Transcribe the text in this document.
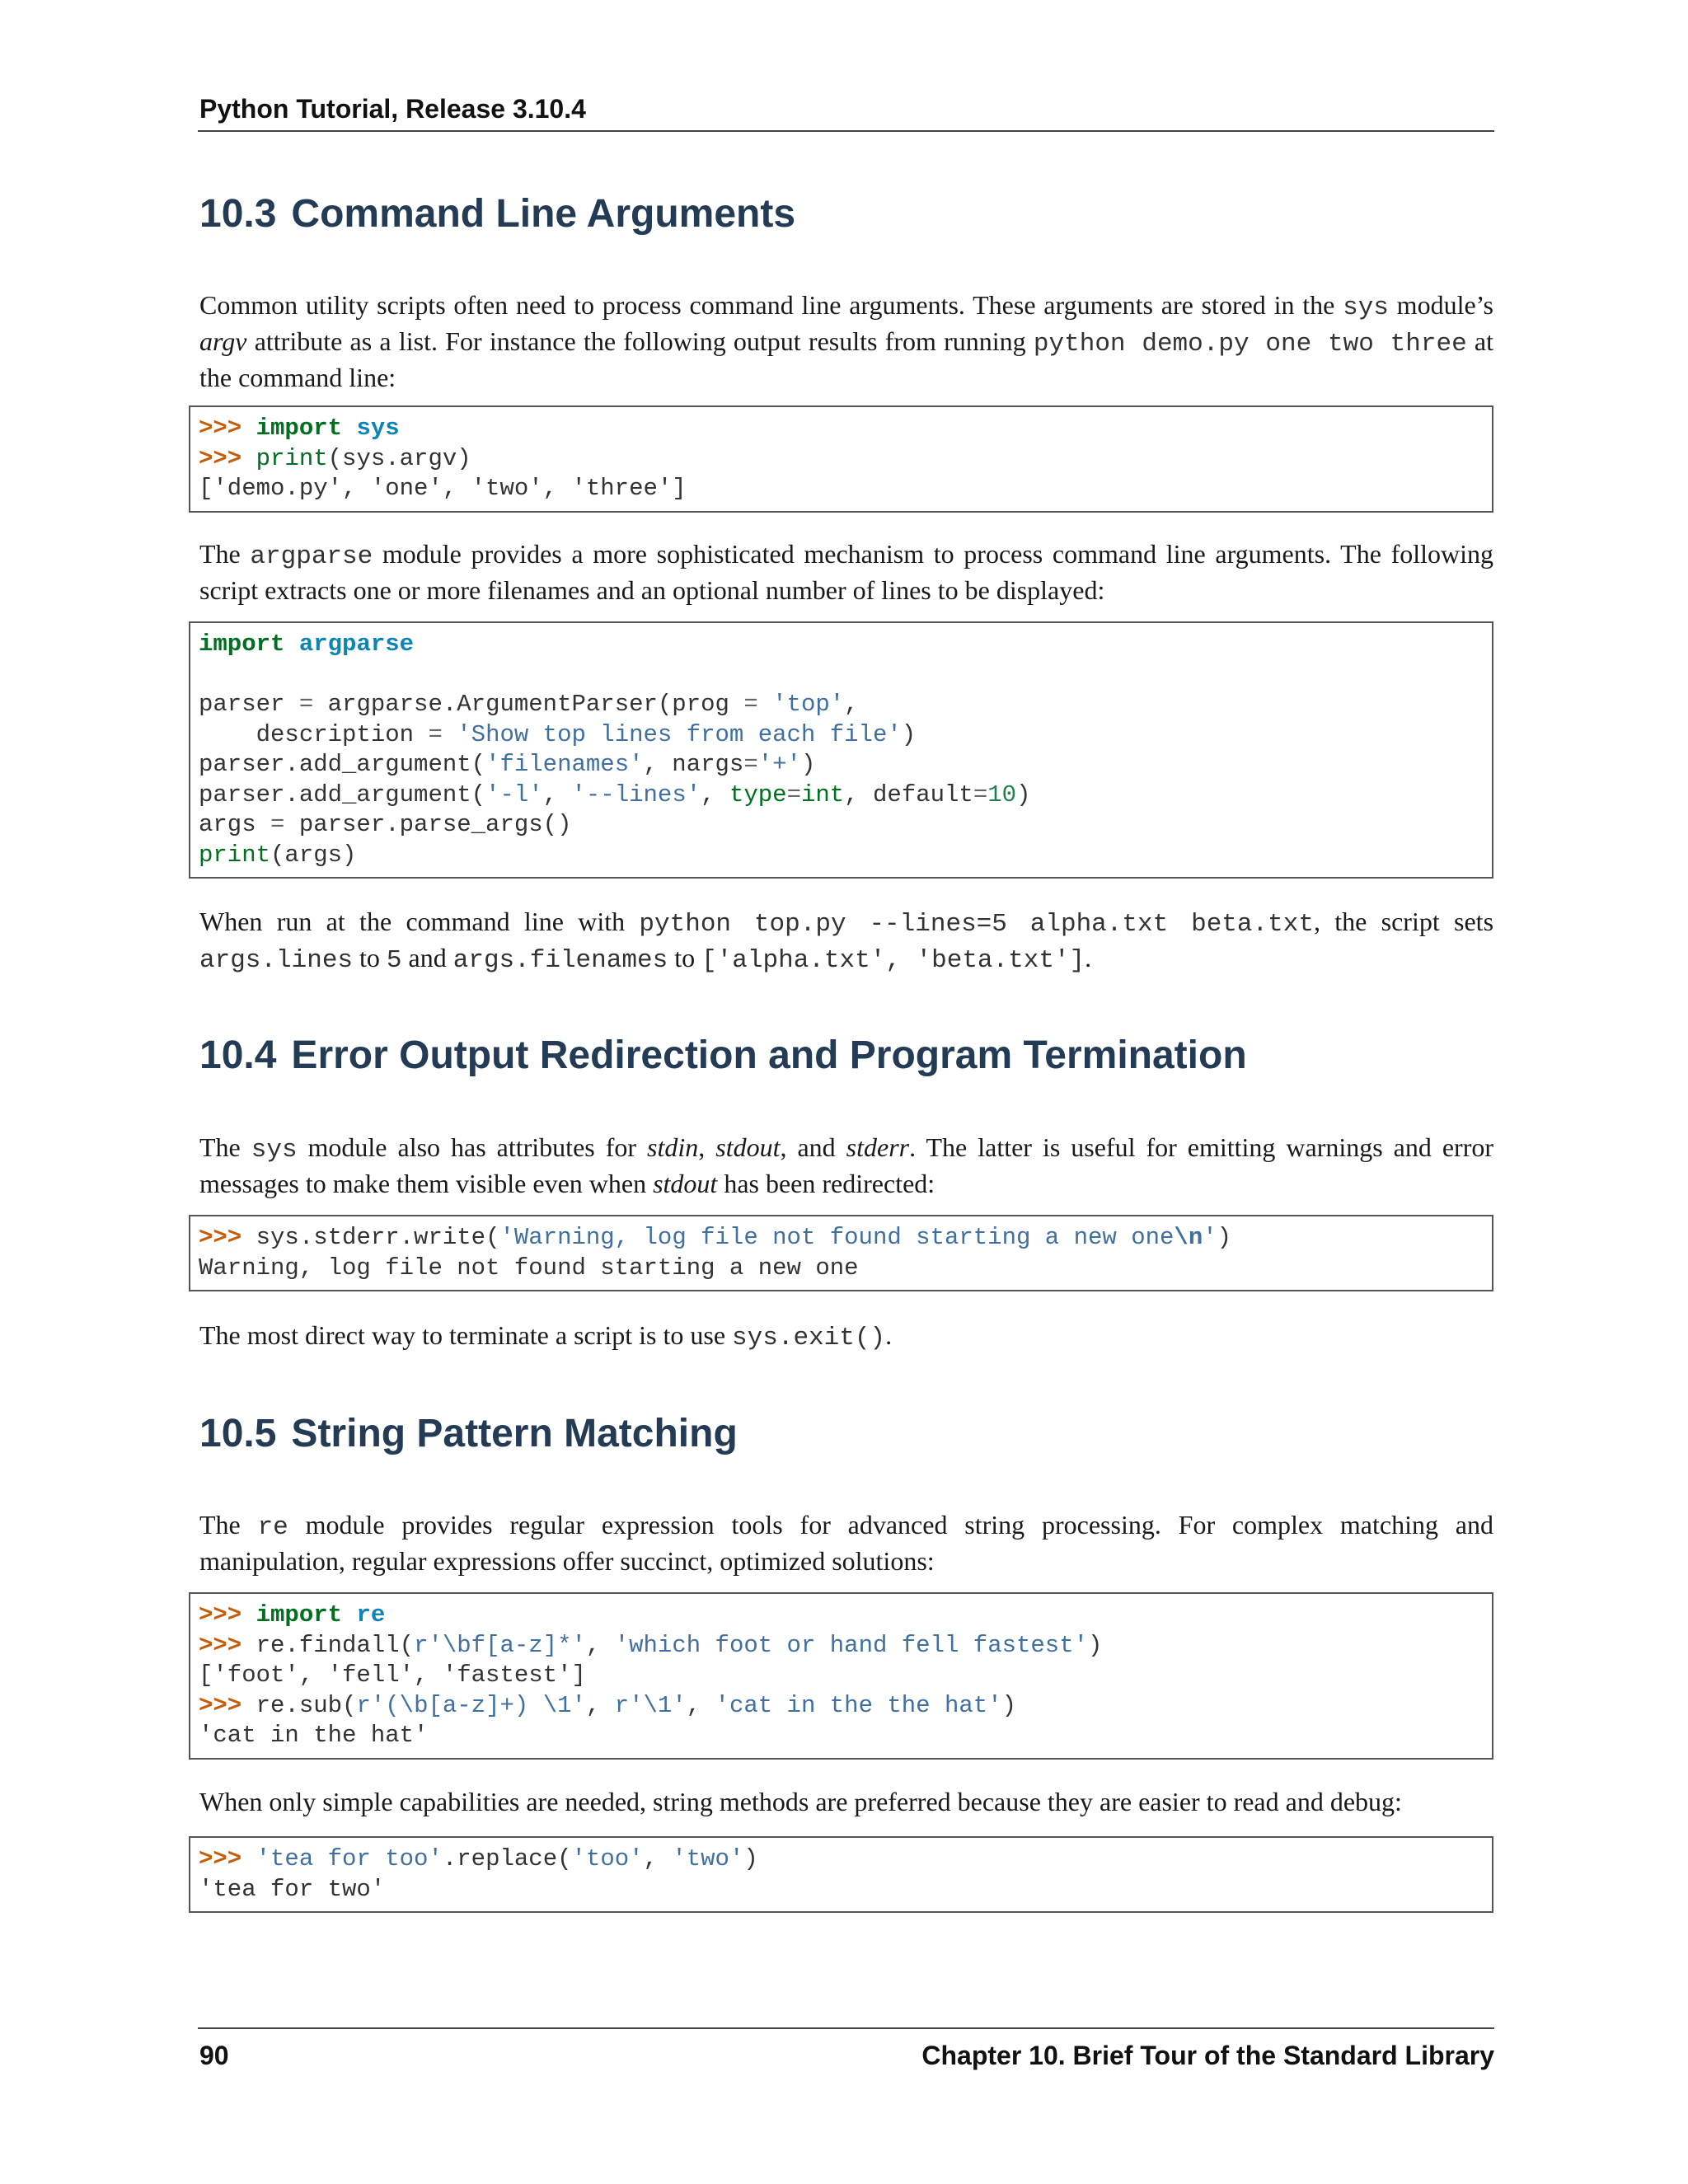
Python Tutorial, Release 3.10.4
10.3 Command Line Arguments

Common utility scripts often need to process command line arguments. These arguments are stored in the sys module’s argv attribute as a list. For instance the following output results from running python demo.py one two three at the command line:

>>> import sys
>>> print(sys.argv)
['demo.py', 'one', 'two', 'three']

The argparse module provides a more sophisticated mechanism to process command line arguments. The following script extracts one or more filenames and an optional number of lines to be displayed:

import argparse

parser = argparse.ArgumentParser(prog = 'top',
description = 'Show top lines from each file')
parser.add_argument('filenames', nargs='+')
parser.add_argument('-l', '--lines', type=int, default=10)
args = parser.parse_args()
print(args)

When run at the command line with python top.py --lines=5 alpha.txt beta.txt, the script sets args.lines to 5 and args.filenames to ['alpha.txt', 'beta.txt'].

10.4 Error Output Redirection and Program Termination

The sys module also has attributes for stdin, stdout, and stderr. The latter is useful for emitting warnings and error messages to make them visible even when stdout has been redirected:

>>> sys.stderr.write('Warning, log file not found starting a new one\n')
Warning, log file not found starting a new one

The most direct way to terminate a script is to use sys.exit().

10.5 String Pattern Matching

The re module provides regular expression tools for advanced string processing. For complex matching and manipulation, regular expressions offer succinct, optimized solutions:

>>> import re
>>> re.findall(r'\bf[a-z]*', 'which foot or hand fell fastest')
['foot', 'fell', 'fastest']
>>> re.sub(r'(\b[a-z]+) \1', r'\1', 'cat in the the hat')
'cat in the hat'

When only simple capabilities are needed, string methods are preferred because they are easier to read and debug:

>>> 'tea for too'.replace('too', 'two')
'tea for two'
90	Chapter 10. Brief Tour of the Standard Library
